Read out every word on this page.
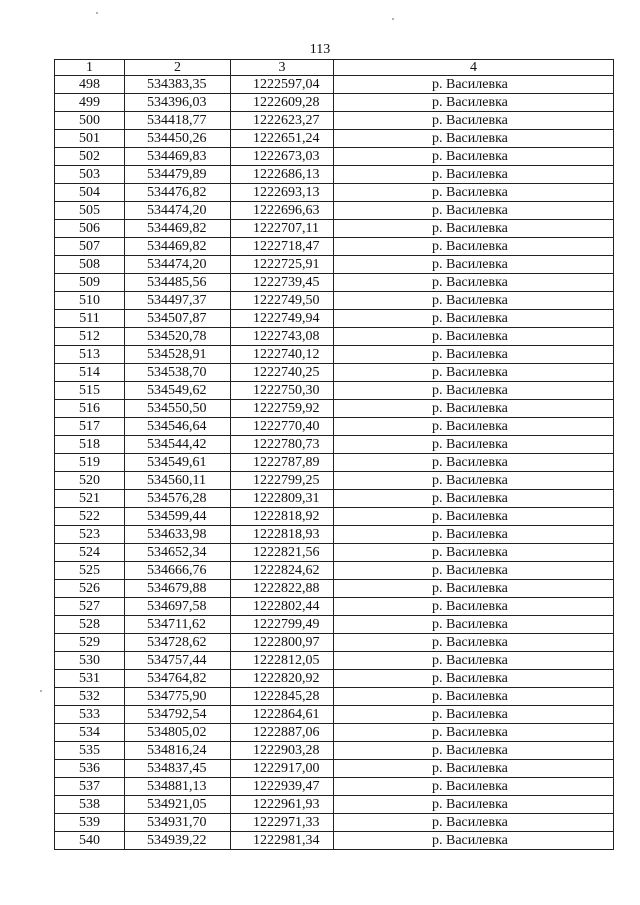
113
1	2	3	4
498	534383,35	1222597,04	р. Василевка
499	534396,03	1222609,28	р. Василевка
500	534418,77	1222623,27	р. Василевка
501	534450,26	1222651,24	р. Василевка
502	534469,83	1222673,03	р. Василевка
503	534479,89	1222686,13	р. Василевка
504	534476,82	1222693,13	р. Василевка
505	534474,20	1222696,63	р. Василевка
506	534469,82	1222707,11	р. Василевка
507	534469,82	1222718,47	р. Василевка
508	534474,20	1222725,91	р. Василевка
509	534485,56	1222739,45	р. Василевка
510	534497,37	1222749,50	р. Василевка
511	534507,87	1222749,94	р. Василевка
512	534520,78	1222743,08	р. Василевка
513	534528,91	1222740,12	р. Василевка
514	534538,70	1222740,25	р. Василевка
515	534549,62	1222750,30	р. Василевка
516	534550,50	1222759,92	р. Василевка
517	534546,64	1222770,40	р. Василевка
518	534544,42	1222780,73	р. Василевка
519	534549,61	1222787,89	р. Василевка
520	534560,11	1222799,25	р. Василевка
521	534576,28	1222809,31	р. Василевка
522	534599,44	1222818,92	р. Василевка
523	534633,98	1222818,93	р. Василевка
524	534652,34	1222821,56	р. Василевка
525	534666,76	1222824,62	р. Василевка
526	534679,88	1222822,88	р. Василевка
527	534697,58	1222802,44	р. Василевка
528	534711,62	1222799,49	р. Василевка
529	534728,62	1222800,97	р. Василевка
530	534757,44	1222812,05	р. Василевка
531	534764,82	1222820,92	р. Василевка
532	534775,90	1222845,28	р. Василевка
533	534792,54	1222864,61	р. Василевка
534	534805,02	1222887,06	р. Василевка
535	534816,24	1222903,28	р. Василевка
536	534837,45	1222917,00	р. Василевка
537	534881,13	1222939,47	р. Василевка
538	534921,05	1222961,93	р. Василевка
539	534931,70	1222971,33	р. Василевка
540	534939,22	1222981,34	р. Василевка
